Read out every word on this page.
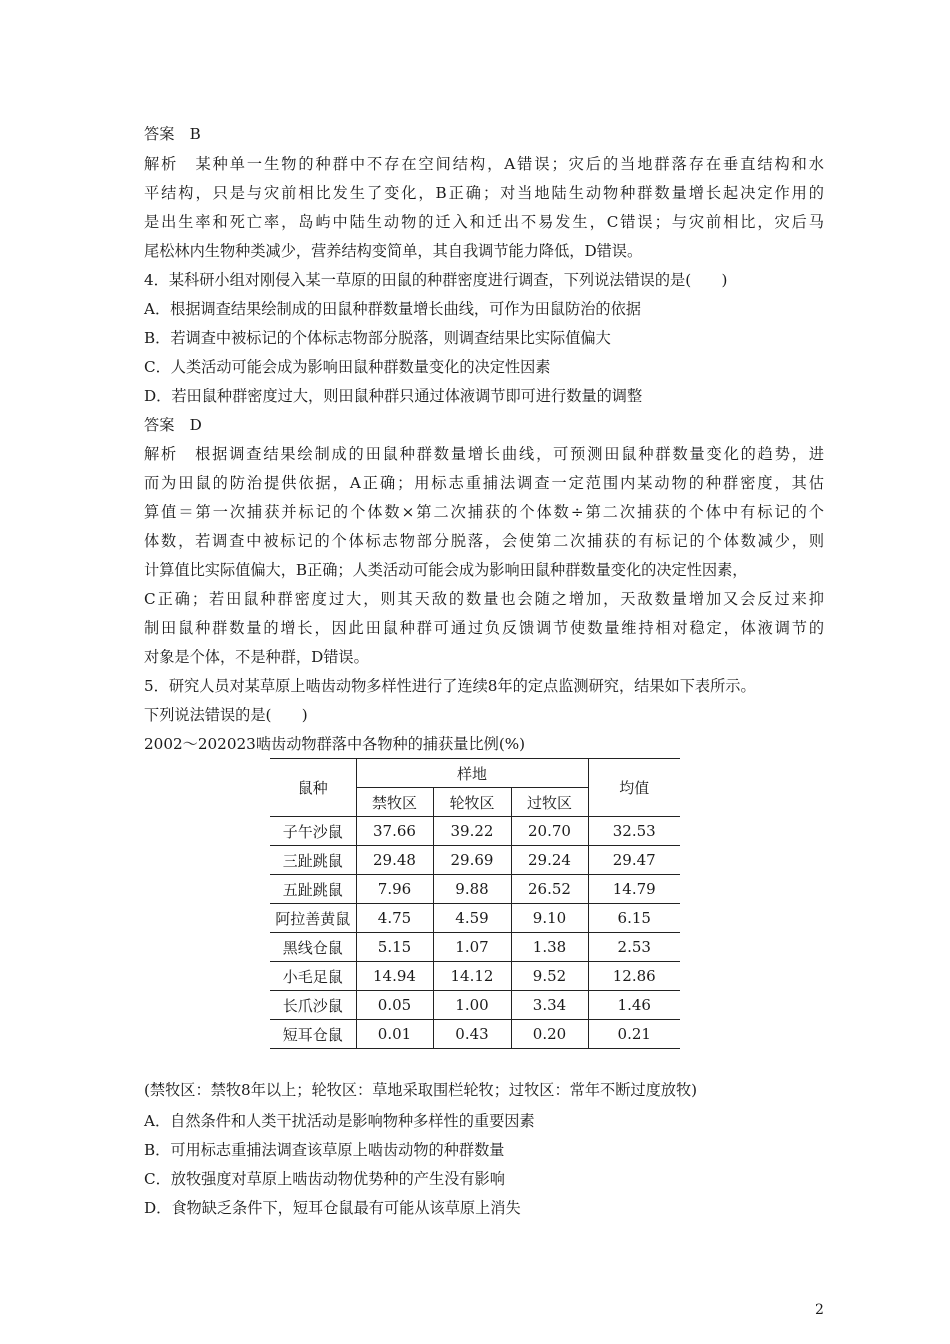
答案　B
解析　某种单一生物的种群中不存在空间结构，A错误；灾后的当地群落存在垂直结构和水
平结构，只是与灾前相比发生了变化，B正确；对当地陆生动物种群数量增长起决定作用的
是出生率和死亡率，岛屿中陆生动物的迁入和迁出不易发生，C错误；与灾前相比，灾后马
尾松林内生物种类减少，营养结构变简单，其自我调节能力降低，D错误。
4．某科研小组对刚侵入某一草原的田鼠的种群密度进行调查，下列说法错误的是(　　)
A．根据调查结果绘制成的田鼠种群数量增长曲线，可作为田鼠防治的依据
B．若调查中被标记的个体标志物部分脱落，则调查结果比实际值偏大
C．人类活动可能会成为影响田鼠种群数量变化的决定性因素
D．若田鼠种群密度过大，则田鼠种群只通过体液调节即可进行数量的调整
答案　D
解析　根据调查结果绘制成的田鼠种群数量增长曲线，可预测田鼠种群数量变化的趋势，进
而为田鼠的防治提供依据，A正确；用标志重捕法调查一定范围内某动物的种群密度，其估
算值＝第一次捕获并标记的个体数×第二次捕获的个体数÷第二次捕获的个体中有标记的个
体数，若调查中被标记的个体标志物部分脱落，会使第二次捕获的有标记的个体数减少，则
计算值比实际值偏大，B正确；人类活动可能会成为影响田鼠种群数量变化的决定性因素，
C正确；若田鼠种群密度过大，则其天敌的数量也会随之增加，天敌数量增加又会反过来抑
制田鼠种群数量的增长，因此田鼠种群可通过负反馈调节使数量维持相对稳定，体液调节的
对象是个体，不是种群，D错误。
5．研究人员对某草原上啮齿动物多样性进行了连续8年的定点监测研究，结果如下表所示。
下列说法错误的是(　　)
2002～202023啮齿动物群落中各物种的捕获量比例(%)
鼠种	样地			均值
	禁牧区	轮牧区	过牧区	
子午沙鼠	37.66	39.22	20.70	32.53
三趾跳鼠	29.48	29.69	29.24	29.47
五趾跳鼠	7.96	9.88	26.52	14.79
阿拉善黄鼠	4.75	4.59	9.10	6.15
黑线仓鼠	5.15	1.07	1.38	2.53
小毛足鼠	14.94	14.12	9.52	12.86
长爪沙鼠	0.05	1.00	3.34	1.46
短耳仓鼠	0.01	0.43	0.20	0.21
(禁牧区：禁牧8年以上；轮牧区：草地采取围栏轮牧；过牧区：常年不断过度放牧)
A．自然条件和人类干扰活动是影响物种多样性的重要因素
B．可用标志重捕法调查该草原上啮齿动物的种群数量
C．放牧强度对草原上啮齿动物优势种的产生没有影响
D．食物缺乏条件下，短耳仓鼠最有可能从该草原上消失
2
